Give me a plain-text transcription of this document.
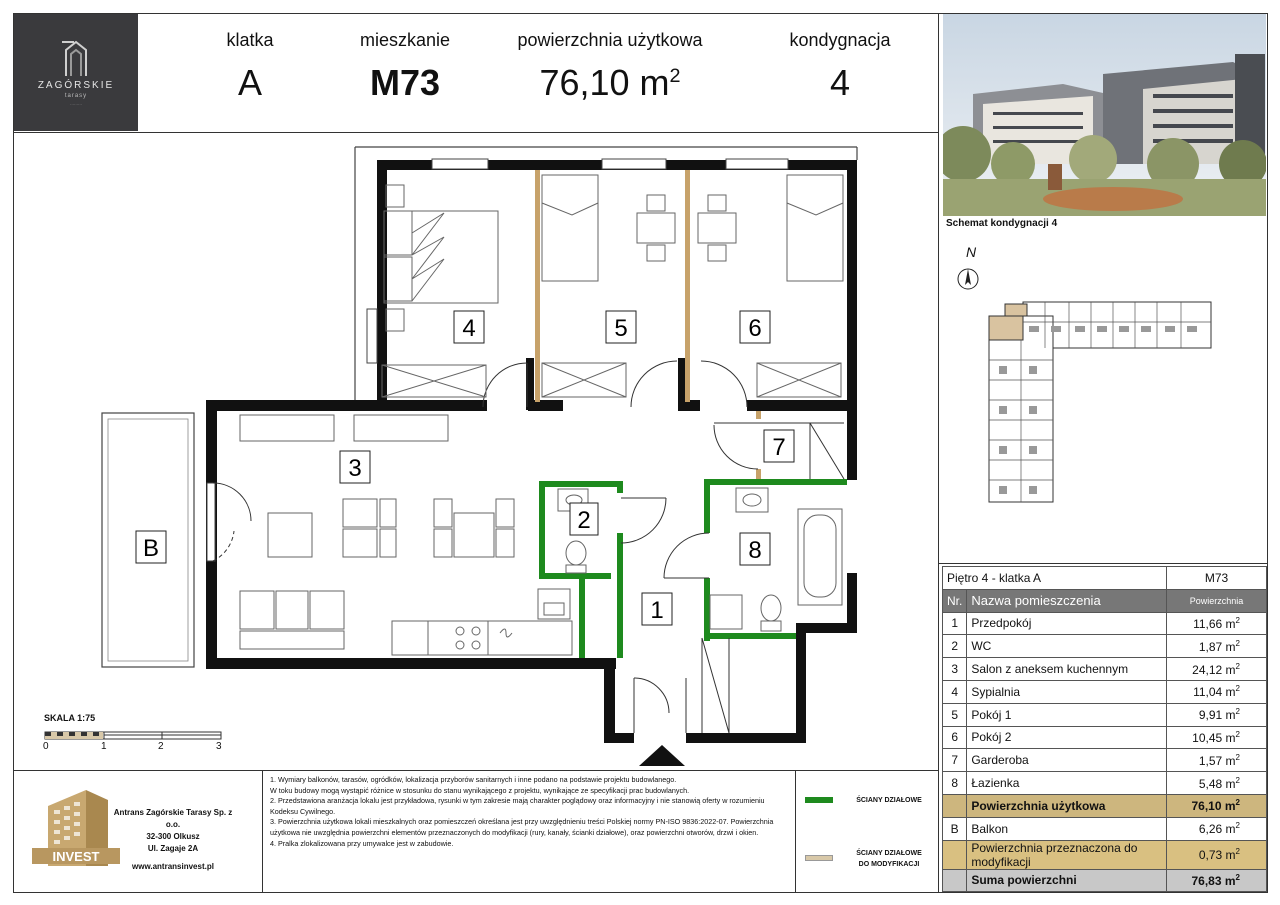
ZAGÓRSKIE
tarasy
·········
klatka
A
mieszkanie
M73
powierzchnia użytkowa
76,10 $m^2$
kondygnacja
4
Schemat kondygnacji 4
N
Piętro 4 - klatka A		M73
Nr.	Nazwa pomieszczenia	Powierzchnia
1	Przedpokój	11,66 $m^2$
2	WC	1,87 $m^2$
3	Salon z aneksem kuchennym	24,12 $m^2$
4	Sypialnia	11,04 $m^2$
5	Pokój 1	9,91 $m^2$
6	Pokój 2	10,45 $m^2$
7	Garderoba	1,57 $m^2$
8	Łazienka	5,48 $m^2$
	Powierzchnia użytkowa	76,10 $m^2$
B	Balkon	6,26 $m^2$
	Powierzchnia przeznaczona do modyfikacji	0,73 $m^2$
	Suma powierzchni	76,83 $m^2$
4	5	6
3
7
2
8
1
B
SKALA 1:75
0	1	2	3
INVEST
Antrans Zagórskie Tarasy Sp. z o.o.
32-300 Olkusz
Ul. Zagaje 2A
www.antransinvest.pl
1. Wymiary balkonów, tarasów, ogródków, lokalizacja przyborów sanitarnych i inne podano na podstawie projektu budowlanego.
W toku budowy mogą wystąpić różnice w stosunku do stanu wynikającego z projektu, wynikające ze specyfikacji prac budowlanych.
2. Przedstawiona aranżacja lokalu jest przykładowa, rysunki w tym zakresie mają charakter poglądowy oraz informacyjny i nie stanowią oferty w rozumieniu Kodeksu Cywilnego.
3. Powierzchnia użytkowa lokali mieszkalnych oraz pomieszczeń określana jest przy uwzględnieniu treści Polskiej normy PN-ISO 9836:2022-07. Powierzchnia użytkowa nie uwzględnia powierzchni elementów przeznaczonych do modyfikacji (rury, kanały, ścianki działowe), oraz powierzchni otworów, drzwi i okien.
4. Pralka zlokalizowana przy umywalce jest w zabudowie.
ŚCIANY DZIAŁOWE
ŚCIANY DZIAŁOWE
DO MODYFIKACJI
